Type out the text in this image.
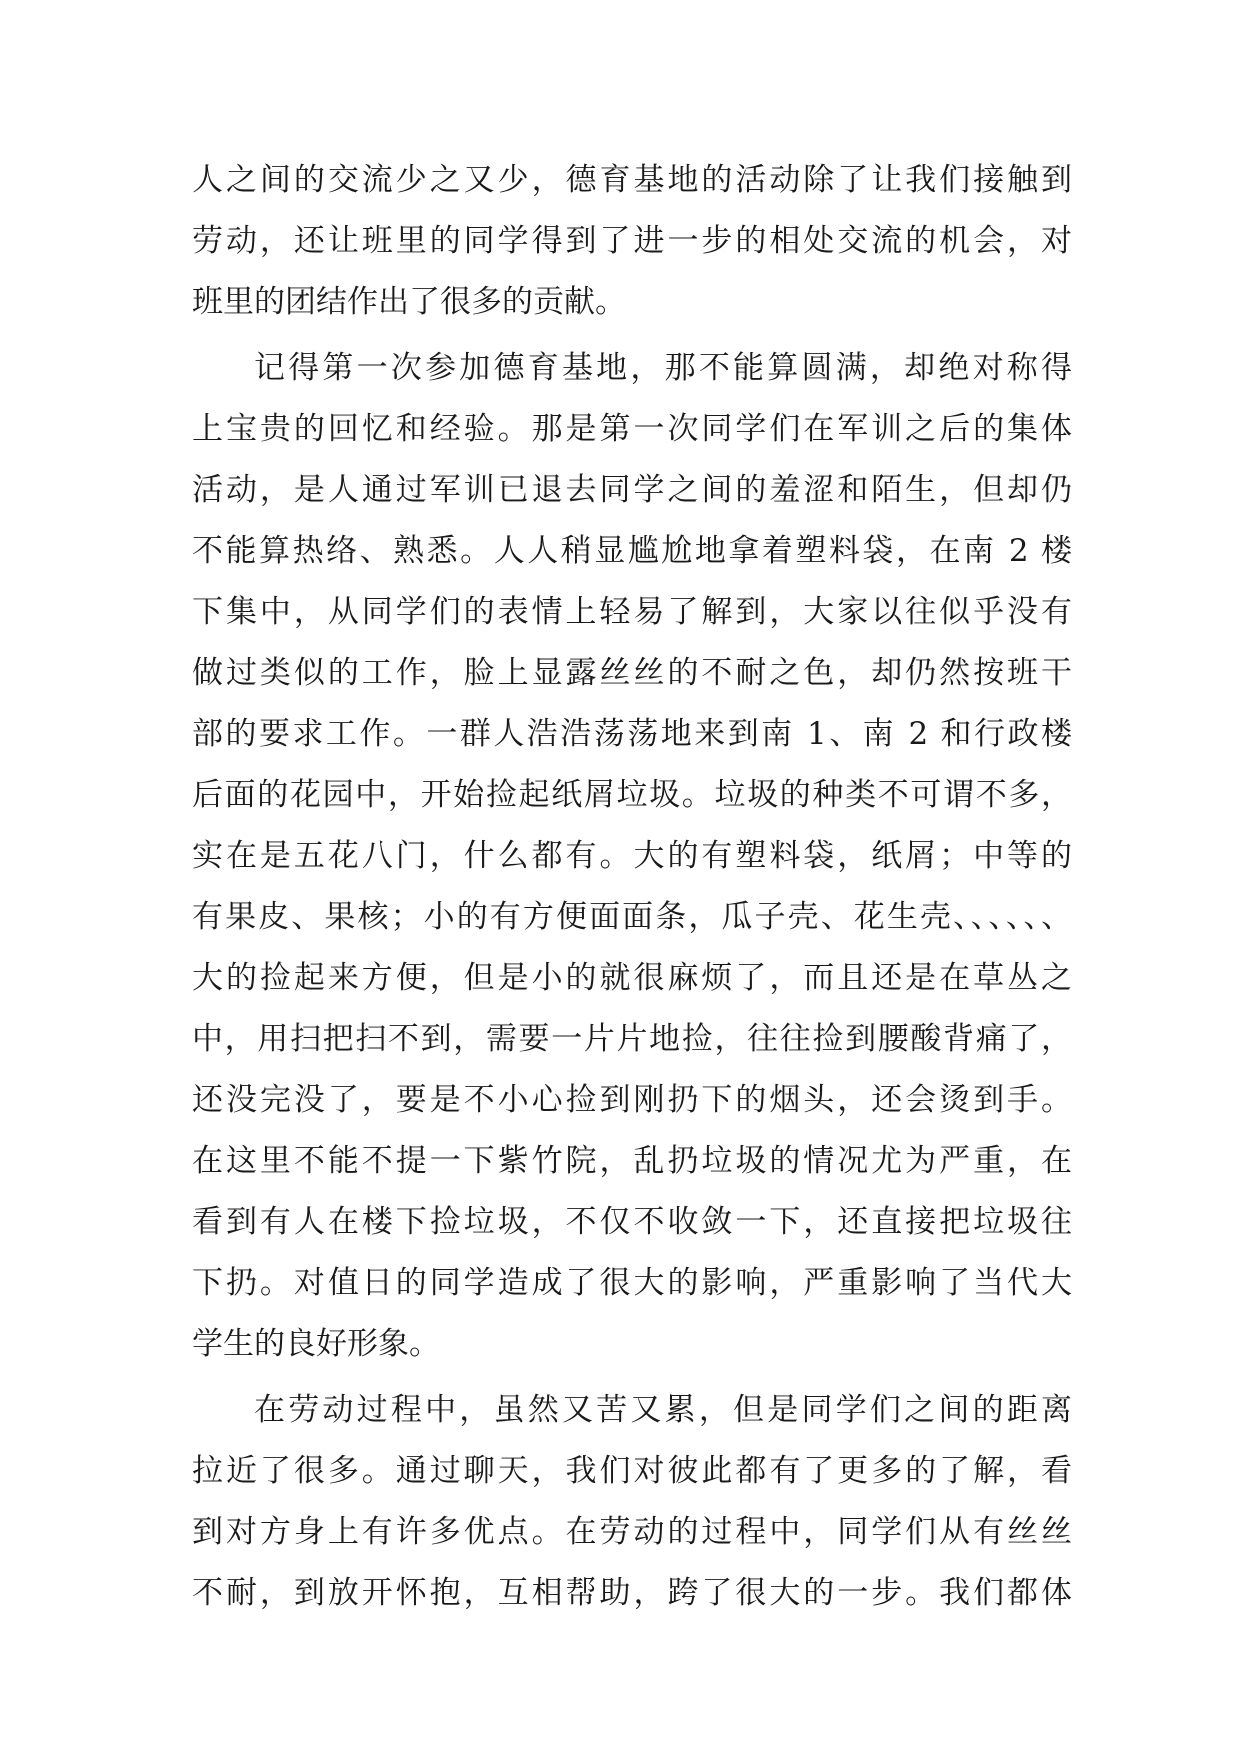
人之间的交流少之又少，德育基地的活动除了让我们接触到
劳动，还让班里的同学得到了进一步的相处交流的机会，对
班里的团结作出了很多的贡献。
记得第一次参加德育基地，那不能算圆满，却绝对称得
上宝贵的回忆和经验。那是第一次同学们在军训之后的集体
活动，是人通过军训已退去同学之间的羞涩和陌生，但却仍
不能算热络、熟悉。人人稍显尴尬地拿着塑料袋，在南 2 楼
下集中，从同学们的表情上轻易了解到，大家以往似乎没有
做过类似的工作，脸上显露丝丝的不耐之色，却仍然按班干
部的要求工作。一群人浩浩荡荡地来到南 1、南 2 和行政楼
后面的花园中，开始捡起纸屑垃圾。垃圾的种类不可谓不多，
实在是五花八门，什么都有。大的有塑料袋，纸屑；中等的
有果皮、果核；小的有方便面面条，瓜子壳、花生壳、、、、、、
大的捡起来方便，但是小的就很麻烦了，而且还是在草丛之
中，用扫把扫不到，需要一片片地捡，往往捡到腰酸背痛了，
还没完没了，要是不小心捡到刚扔下的烟头，还会烫到手。
在这里不能不提一下紫竹院，乱扔垃圾的情况尤为严重，在
看到有人在楼下捡垃圾，不仅不收敛一下，还直接把垃圾往
下扔。对值日的同学造成了很大的影响，严重影响了当代大
学生的良好形象。
在劳动过程中，虽然又苦又累，但是同学们之间的距离
拉近了很多。通过聊天，我们对彼此都有了更多的了解，看
到对方身上有许多优点。在劳动的过程中，同学们从有丝丝
不耐，到放开怀抱，互相帮助，跨了很大的一步。我们都体
